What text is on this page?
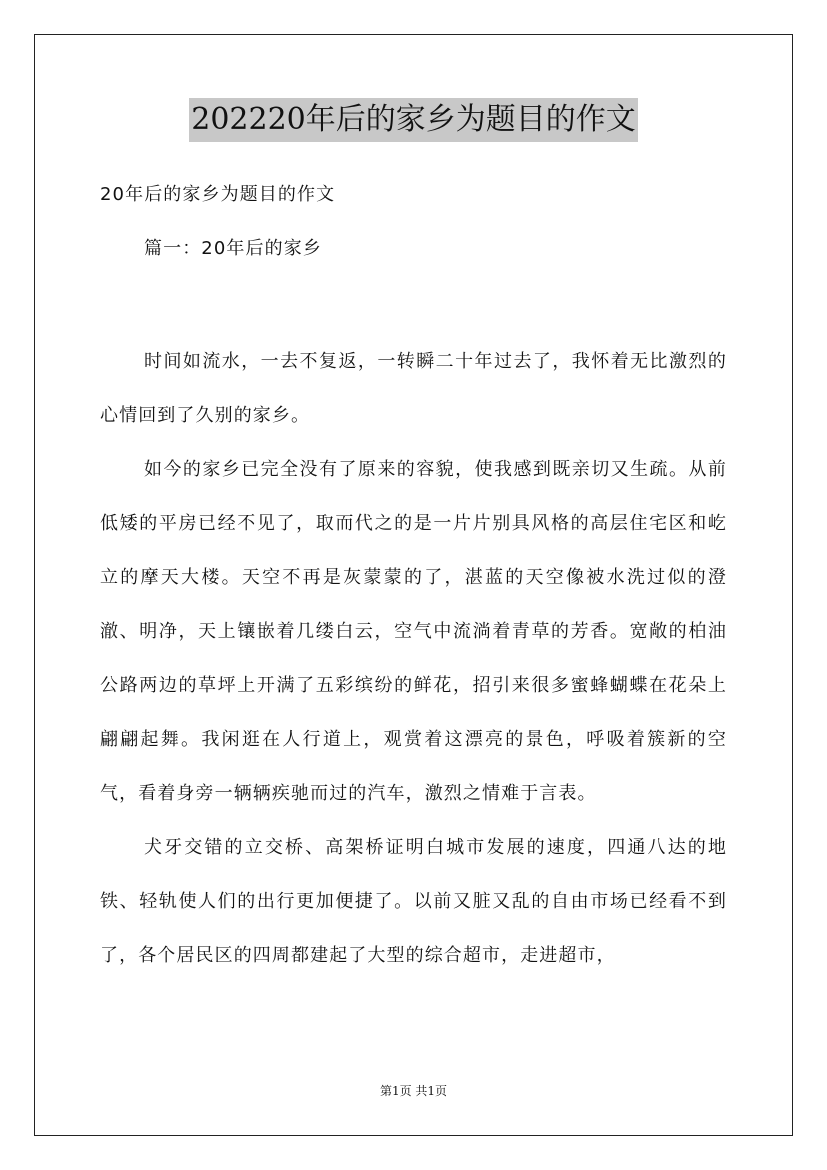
202220年后的家乡为题目的作文
20年后的家乡为题目的作文
篇一：20年后的家乡

时间如流水，一去不复返，一转瞬二十年过去了，我怀着无比激烈的心情回到了久别的家乡。

如今的家乡已完全没有了原来的容貌，使我感到既亲切又生疏。从前低矮的平房已经不见了，取而代之的是一片片别具风格的高层住宅区和屹立的摩天大楼。天空不再是灰蒙蒙的了，湛蓝的天空像被水洗过似的澄澈、明净，天上镶嵌着几缕白云，空气中流淌着青草的芳香。宽敞的柏油公路两边的草坪上开满了五彩缤纷的鲜花，招引来很多蜜蜂蝴蝶在花朵上翩翩起舞。我闲逛在人行道上，观赏着这漂亮的景色，呼吸着簇新的空气，看着身旁一辆辆疾驰而过的汽车，激烈之情难于言表。

犬牙交错的立交桥、高架桥证明白城市发展的速度，四通八达的地铁、轻轨使人们的出行更加便捷了。以前又脏又乱的自由市场已经看不到了，各个居民区的四周都建起了大型的综合超市，走进超市，

第1页 共1页
